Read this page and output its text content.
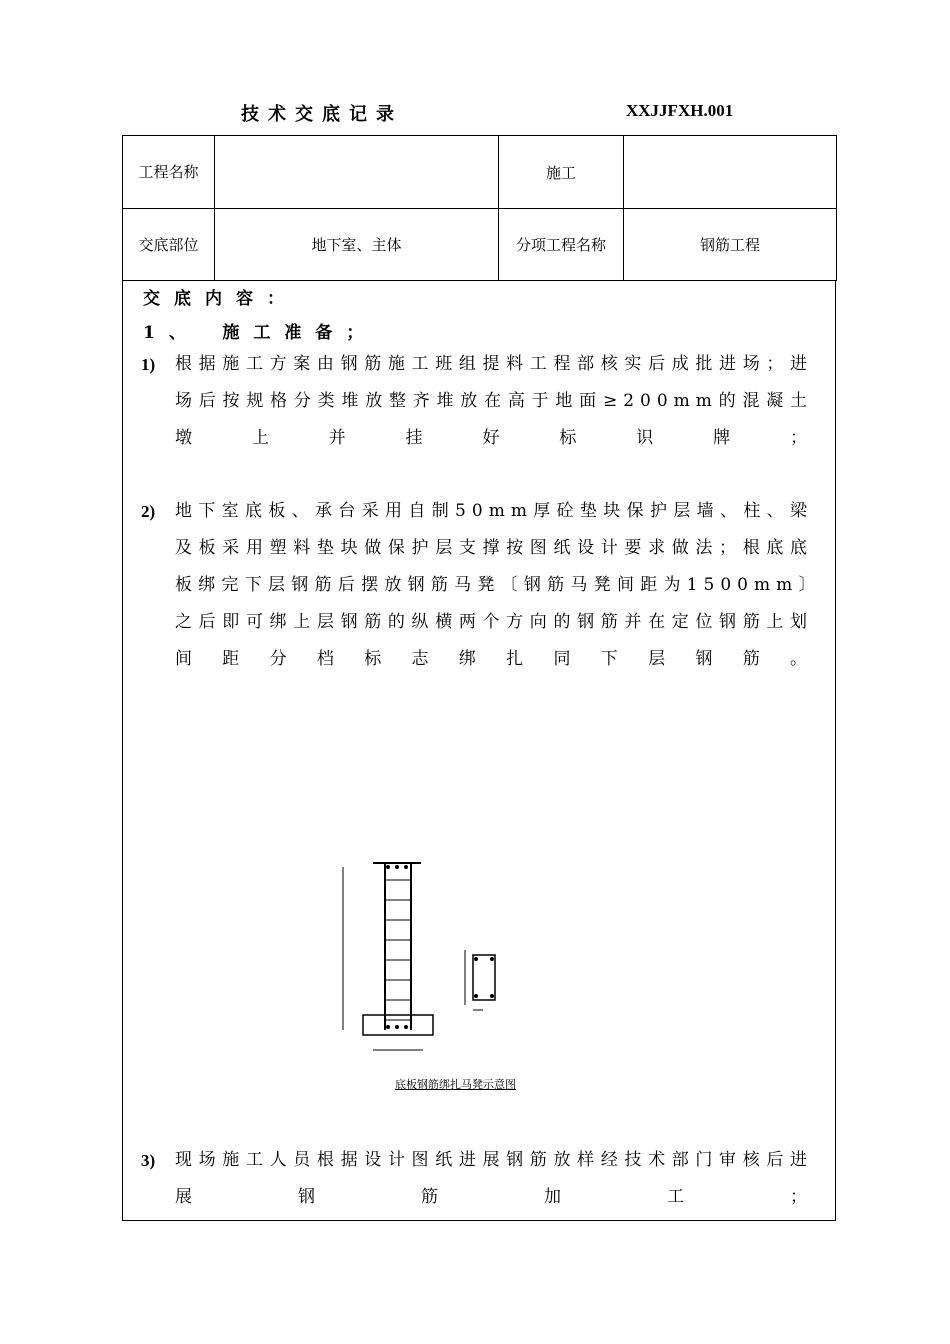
技术交底记录	XXJJFXH.001
工程名称		施工	
交底部位	地下室、主体	分项工程名称	钢筋工程
交底内容：
1、　施工准备；
1) 根据施工方案由钢筋施工班组提料工程部核实后成批进场；进场后按规格分类堆放整齐堆放在高于地面≥200mm的混凝土墩上并挂好标识牌；
2) 地下室底板、承台采用自制50mm厚砼垫块保护层墙、柱、梁及板采用塑料垫块做保护层支撑按图纸设计要求做法；根底底板绑完下层钢筋后摆放钢筋马凳〔钢筋马凳间距为1500mm〕之后即可绑上层钢筋的纵横两个方向的钢筋并在定位钢筋上划间距分档标志绑扎同下层钢筋。
底板钢筋绑扎马凳示意图
3) 现场施工人员根据设计图纸进展钢筋放样经技术部门审核后进展钢筋加工；
